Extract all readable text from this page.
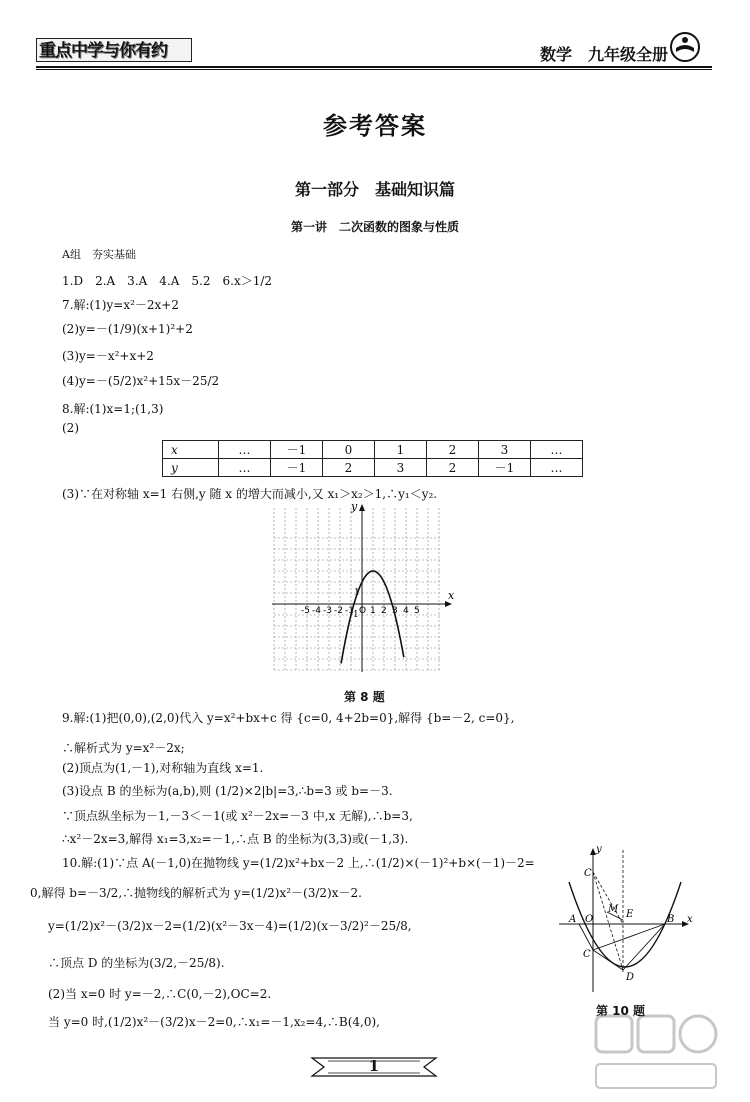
重点中学与你有约	数学　 九年级全册
参考答案
第一部分　基础知识篇
第一讲　二次函数的图象与性质
A组　夯实基础
1.D　2.A　3.A　4.A　5.2　6.x＞1/2
7.解:(1)y=x²－2x+2
(2)y=－(1/9)(x+1)²+2
(3)y=－x²+x+2
(4)y=－(5/2)x²+15x－25/2
8.解:(1)x=1;(1,3)
(2)
x	…	－1	0	1	2	3	…
y	…	－1	2	3	2	－1	…
(3)∵在对称轴 x=1 右侧,y 随 x 的增大而减小,又 x₁＞x₂＞1,∴y₁＜y₂.
x
y
-5 -4 -3 -2 -1 O 1 2 3 4 5
1
-1
第 8 题
9.解:(1)把(0,0),(2,0)代入 y=x²+bx+c 得 {c=0, 4+2b=0},解得 {b=－2, c=0},
∴解析式为 y=x²－2x;
(2)顶点为(1,－1),对称轴为直线 x=1.
(3)设点 B 的坐标为(a,b),则 (1/2)×2|b|=3,∴b=3 或 b=－3.
∵顶点纵坐标为－1,－3＜－1(或 x²－2x=－3 中,x 无解),∴b=3,
∴x²－2x=3,解得 x₁=3,x₂=－1,∴点 B 的坐标为(3,3)或(－1,3).
10.解:(1)∵点 A(－1,0)在抛物线 y=(1/2)x²+bx－2 上,∴(1/2)×(－1)²+b×(－1)－2=
0,解得 b=－3/2,∴抛物线的解析式为 y=(1/2)x²－(3/2)x－2.
y=(1/2)x²－(3/2)x－2=(1/2)(x²－3x－4)=(1/2)(x－3/2)²－25/8,
∴顶点 D 的坐标为(3/2,－25/8).
(2)当 x=0 时 y=－2,∴C(0,－2),OC=2.
当 y=0 时,(1/2)x²－(3/2)x－2=0,∴x₁=－1,x₂=4,∴B(4,0),
y
C'
M E
A O	B x
C
D
第 10 题
1
